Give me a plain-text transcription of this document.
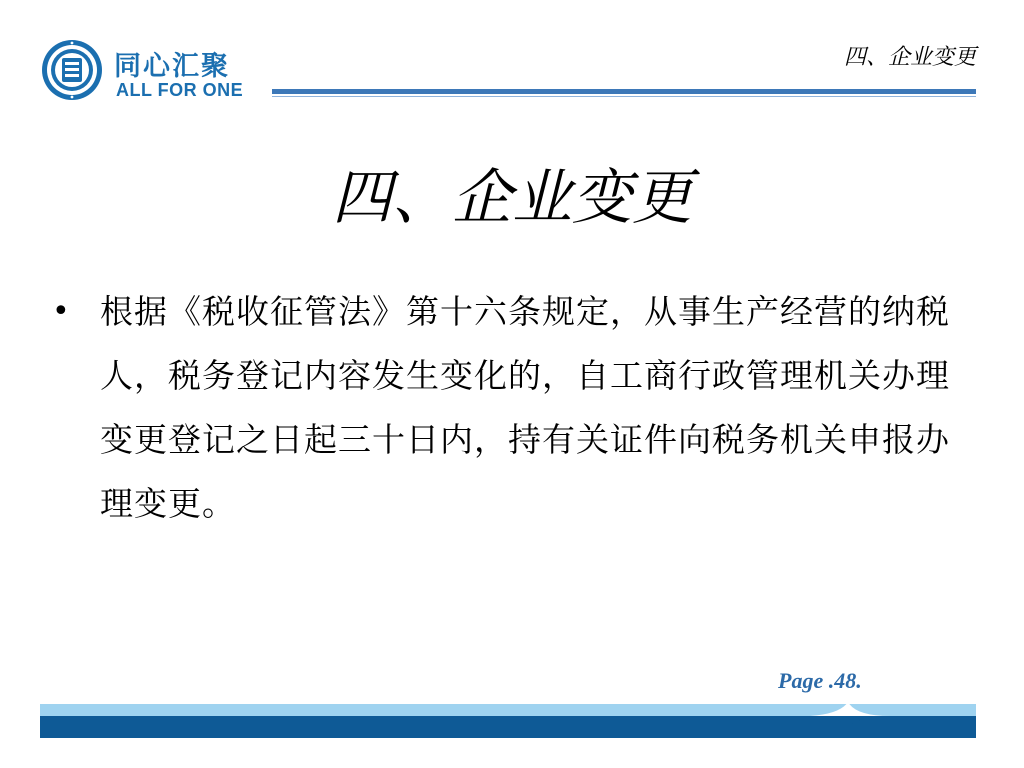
同心汇聚
ALL FOR ONE
四、企业变更
四、企业变更
• 根据《税收征管法》第十六条规定，从事生产经营的纳税人，税务登记内容发生变化的，自工商行政管理机关办理变更登记之日起三十日内，持有关证件向税务机关申报办理变更。
Page .48.
